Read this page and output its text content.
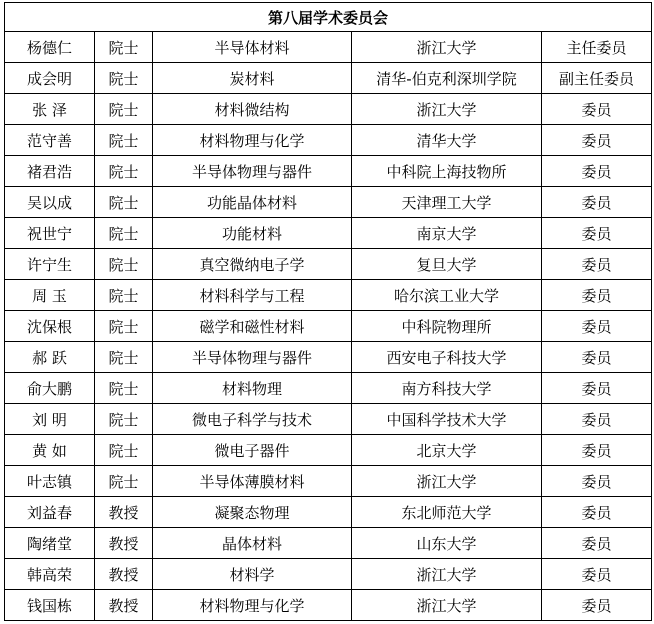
第八届学术委员会				
杨德仁	院士	半导体材料	浙江大学	主任委员
成会明	院士	炭材料	清华-伯克利深圳学院	副主任委员
张 泽	院士	材料微结构	浙江大学	委员
范守善	院士	材料物理与化学	清华大学	委员
褚君浩	院士	半导体物理与器件	中科院上海技物所	委员
吴以成	院士	功能晶体材料	天津理工大学	委员
祝世宁	院士	功能材料	南京大学	委员
许宁生	院士	真空微纳电子学	复旦大学	委员
周 玉	院士	材料科学与工程	哈尔滨工业大学	委员
沈保根	院士	磁学和磁性材料	中科院物理所	委员
郝 跃	院士	半导体物理与器件	西安电子科技大学	委员
俞大鹏	院士	材料物理	南方科技大学	委员
刘 明	院士	微电子科学与技术	中国科学技术大学	委员
黄 如	院士	微电子器件	北京大学	委员
叶志镇	院士	半导体薄膜材料	浙江大学	委员
刘益春	教授	凝聚态物理	东北师范大学	委员
陶绪堂	教授	晶体材料	山东大学	委员
韩高荣	教授	材料学	浙江大学	委员
钱国栋	教授	材料物理与化学	浙江大学	委员
